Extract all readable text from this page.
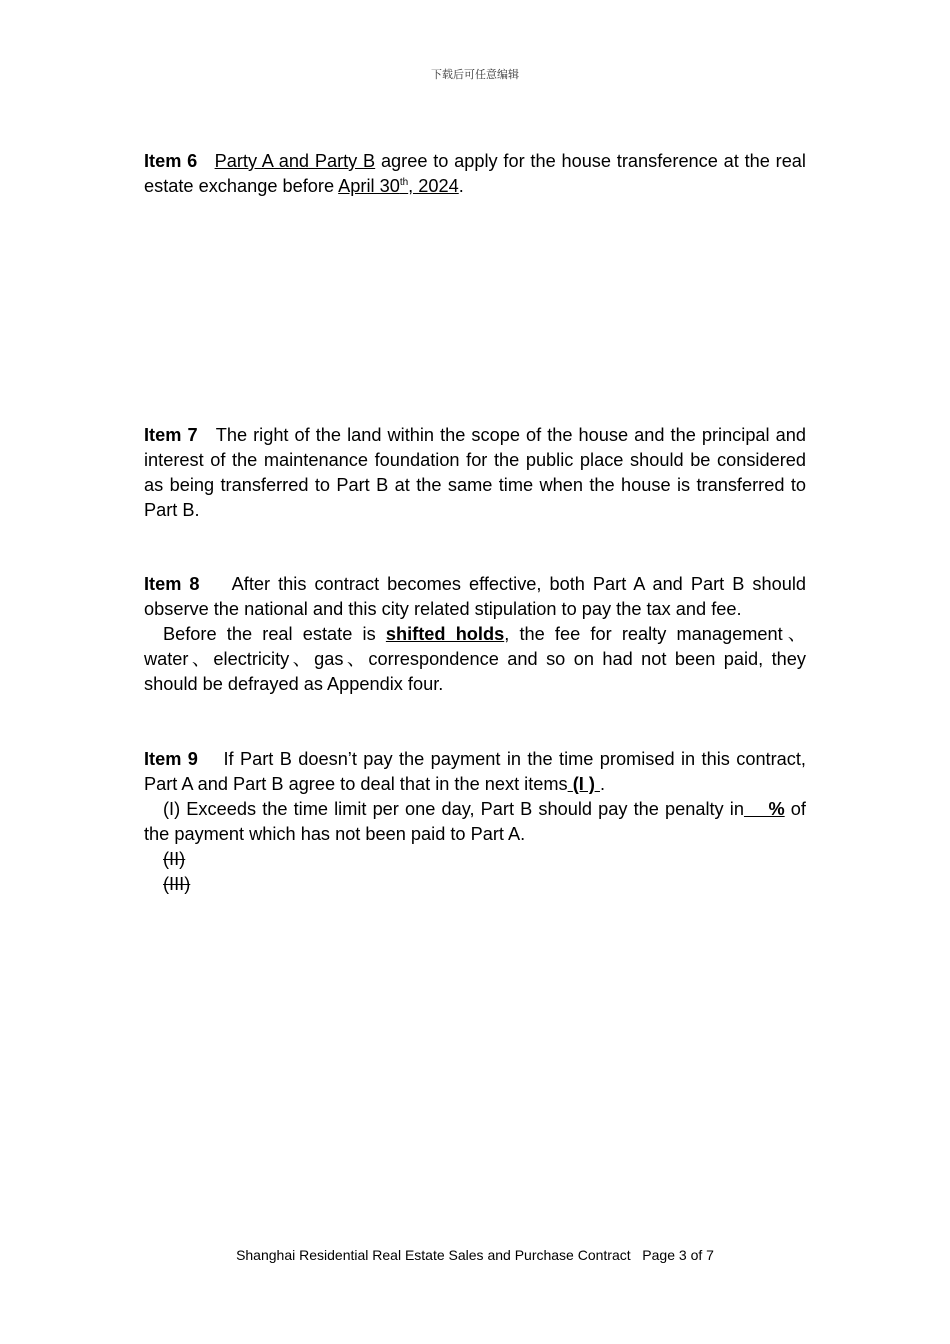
下载后可任意编辑

Item 6 Party A and Party B agree to apply for the house transference at the real estate exchange before April 30th, 2024.

Item 7 The right of the land within the scope of the house and the principal and interest of the maintenance foundation for the public place should be considered as being transferred to Part B at the same time when the house is transferred to Part B.

Item 8 After this contract becomes effective, both Part A and Part B should observe the national and this city related stipulation to pay the tax and fee.

Before the real estate is shifted holds, the fee for realty management、water、electricity、gas、correspondence and so on had not been paid, they should be defrayed as Appendix four.

Item 9 If Part B doesn’t pay the payment in the time promised in this contract, Part A and Part B agree to deal that in the next items (I ) .

(I) Exceeds the time limit per one day, Part B should pay the penalty in % of the payment which has not been paid to Part A.

(II)
(III)
Shanghai Residential Real Estate Sales and Purchase Contract   Page 3 of 7
